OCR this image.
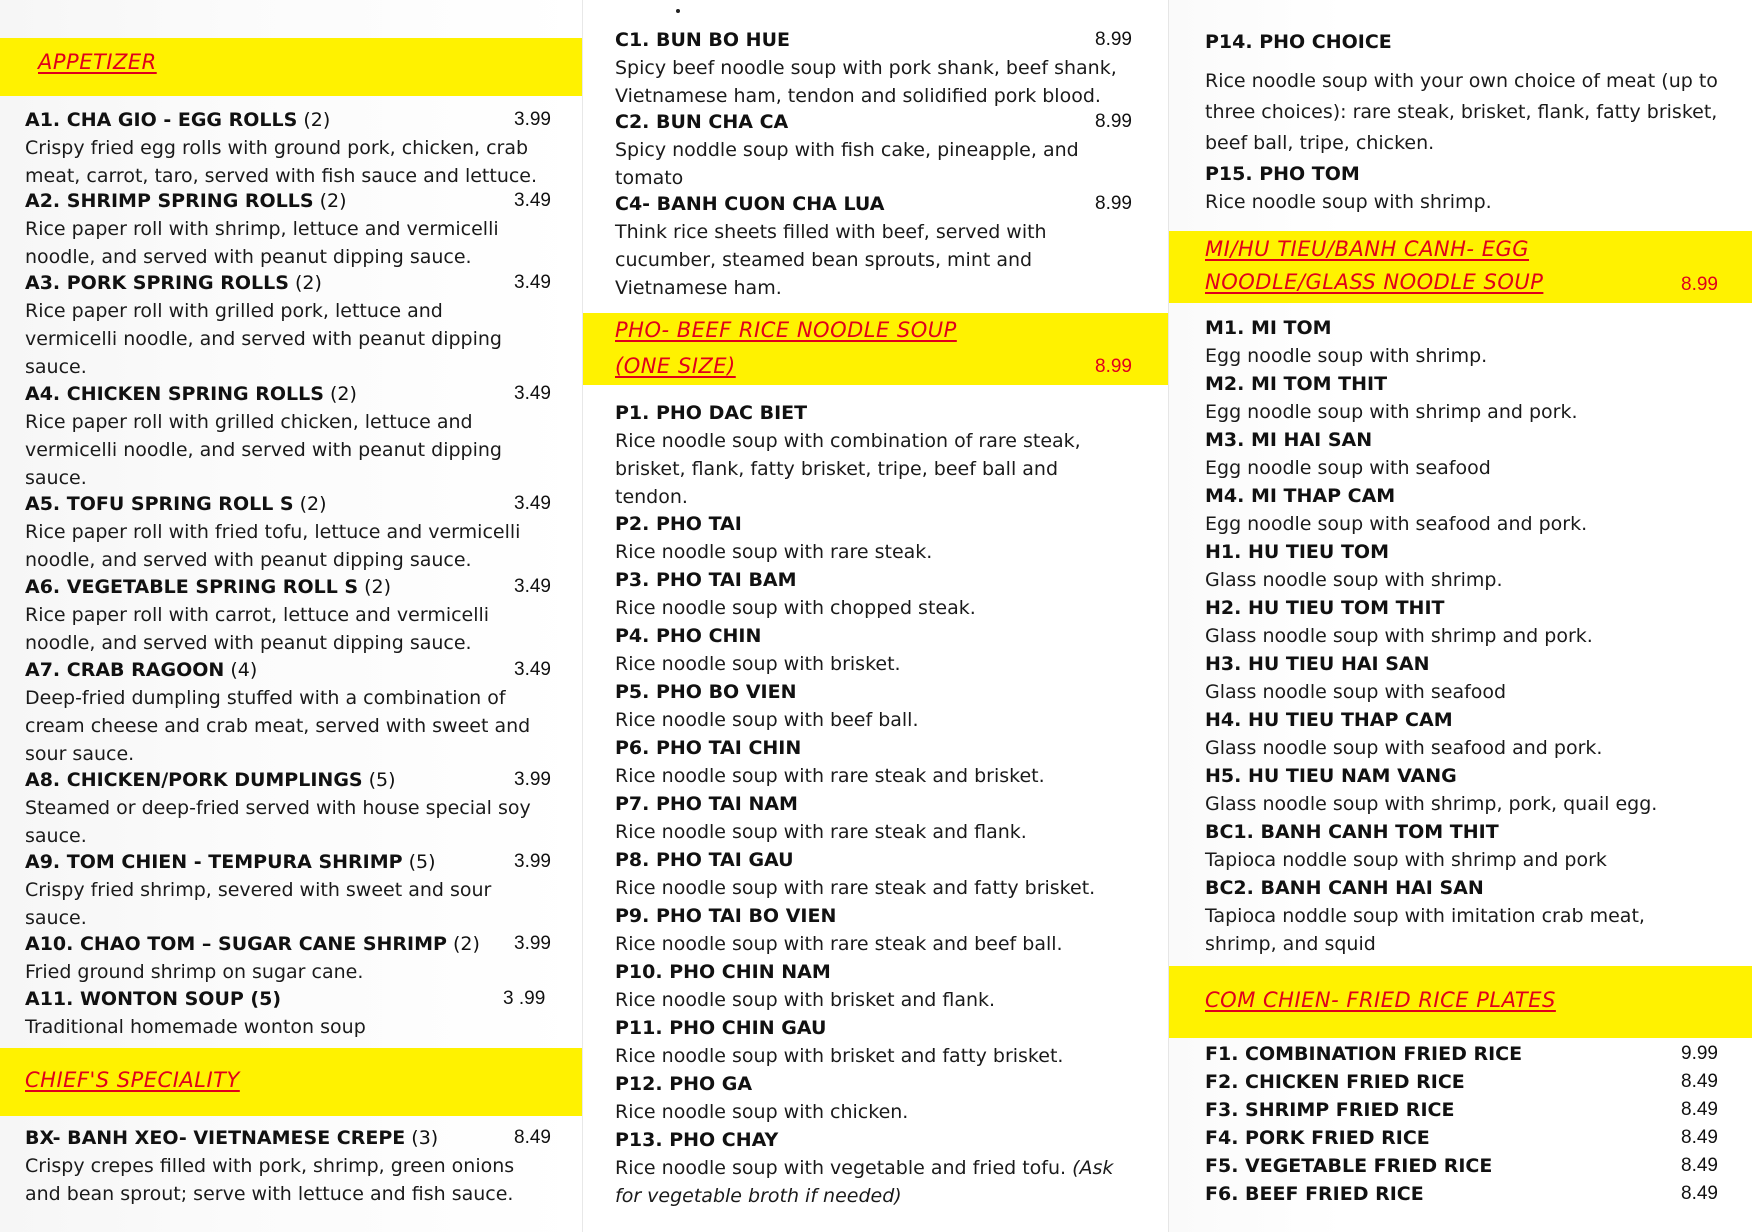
APPETIZER
A1. CHA GIO - EGG ROLLS (2)	3.99
Crispy fried egg rolls with ground pork, chicken, crab
meat, carrot, taro, served with fish sauce and lettuce.
A2. SHRIMP SPRING ROLLS (2)	3.49
Rice paper roll with shrimp, lettuce and vermicelli
noodle, and served with peanut dipping sauce.
A3. PORK SPRING ROLLS (2)	3.49
Rice paper roll with grilled pork, lettuce and
vermicelli noodle, and served with peanut dipping
sauce.
A4. CHICKEN SPRING ROLLS (2)	3.49
Rice paper roll with grilled chicken, lettuce and
vermicelli noodle, and served with peanut dipping
sauce.
A5. TOFU SPRING ROLL S (2)	3.49
Rice paper roll with fried tofu, lettuce and vermicelli
noodle, and served with peanut dipping sauce.
A6. VEGETABLE SPRING ROLL S (2)	3.49
Rice paper roll with carrot, lettuce and vermicelli
noodle, and served with peanut dipping sauce.
A7. CRAB RAGOON (4)	3.49
Deep-fried dumpling stuffed with a combination of
cream cheese and crab meat, served with sweet and
sour sauce.
A8. CHICKEN/PORK DUMPLINGS (5)	3.99
Steamed or deep-fried served with house special soy
sauce.
A9. TOM CHIEN - TEMPURA SHRIMP (5)	3.99
Crispy fried shrimp, severed with sweet and sour
sauce.
A10. CHAO TOM – SUGAR CANE SHRIMP (2) 3.99
Fried ground shrimp on sugar cane.
A11. WONTON SOUP (5)	3 .99
Traditional homemade wonton soup
CHIEF'S SPECIALITY
BX- BANH XEO- VIETNAMESE CREPE (3)	8.49
Crispy crepes filled with pork, shrimp, green onions
and bean sprout; serve with lettuce and fish sauce.
C1. BUN BO HUE	8.99
Spicy beef noodle soup with pork shank, beef shank,
Vietnamese ham, tendon and solidified pork blood.
C2. BUN CHA CA	8.99
Spicy noddle soup with fish cake, pineapple, and
tomato
C4- BANH CUON CHA LUA	8.99
Think rice sheets filled with beef, served with
cucumber, steamed bean sprouts, mint and
Vietnamese ham.
PHO- BEEF RICE NOODLE SOUP
(ONE SIZE)	8.99
P1. PHO DAC BIET
Rice noodle soup with combination of rare steak,
brisket, flank, fatty brisket, tripe, beef ball and
tendon.
P2. PHO TAI
Rice noodle soup with rare steak.
P3. PHO TAI BAM
Rice noodle soup with chopped steak.
P4. PHO CHIN
Rice noodle soup with brisket.
P5. PHO BO VIEN
Rice noodle soup with beef ball.
P6. PHO TAI CHIN
Rice noodle soup with rare steak and brisket.
P7. PHO TAI NAM
Rice noodle soup with rare steak and flank.
P8. PHO TAI GAU
Rice noodle soup with rare steak and fatty brisket.
P9. PHO TAI BO VIEN
Rice noodle soup with rare steak and beef ball.
P10. PHO CHIN NAM
Rice noodle soup with brisket and flank.
P11. PHO CHIN GAU
Rice noodle soup with brisket and fatty brisket.
P12. PHO GA
Rice noodle soup with chicken.
P13. PHO CHAY
Rice noodle soup with vegetable and fried tofu. (Ask
for vegetable broth if needed)
P14. PHO CHOICE
Rice noodle soup with your own choice of meat (up to
three choices): rare steak, brisket, flank, fatty brisket,
beef ball, tripe, chicken.
P15. PHO TOM
Rice noodle soup with shrimp.
MI/HU TIEU/BANH CANH- EGG
NOODLE/GLASS NOODLE SOUP	8.99
M1. MI TOM
Egg noodle soup with shrimp.
M2. MI TOM THIT
Egg noodle soup with shrimp and pork.
M3. MI HAI SAN
Egg noodle soup with seafood
M4. MI THAP CAM
Egg noodle soup with seafood and pork.
H1. HU TIEU TOM
Glass noodle soup with shrimp.
H2. HU TIEU TOM THIT
Glass noodle soup with shrimp and pork.
H3. HU TIEU HAI SAN
Glass noodle soup with seafood
H4. HU TIEU THAP CAM
Glass noodle soup with seafood and pork.
H5. HU TIEU NAM VANG
Glass noodle soup with shrimp, pork, quail egg.
BC1. BANH CANH TOM THIT
Tapioca noddle soup with shrimp and pork
BC2. BANH CANH HAI SAN
Tapioca noddle soup with imitation crab meat,
shrimp, and squid
COM CHIEN- FRIED RICE PLATES
F1. COMBINATION FRIED RICE	9.99
F2. CHICKEN FRIED RICE	8.49
F3. SHRIMP FRIED RICE	8.49
F4. PORK FRIED RICE	8.49
F5. VEGETABLE FRIED RICE	8.49
F6. BEEF FRIED RICE	8.49
